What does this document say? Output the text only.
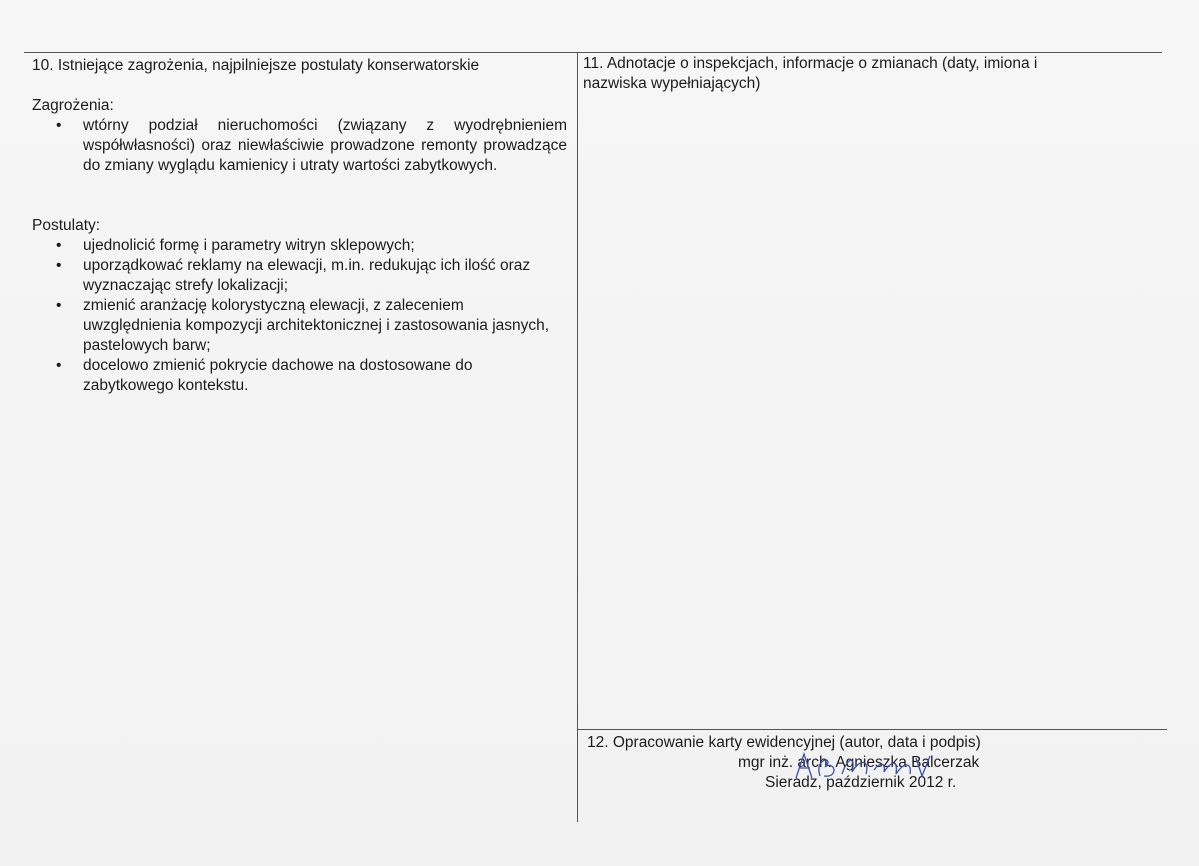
10. Istniejące zagrożenia, najpilniejsze postulaty konserwatorskie
Zagrożenia:
• wtórny podział nieruchomości (związany z wyodrębnieniem współwłasności) oraz niewłaściwie prowadzone remonty prowadzące do zmiany wyglądu kamienicy i utraty wartości zabytkowych.
Postulaty:
• ujednolicić formę i parametry witryn sklepowych;
• uporządkować reklamy na elewacji, m.in. redukując ich ilość oraz wyznaczając strefy lokalizacji;
• zmienić aranżację kolorystyczną elewacji, z zaleceniem uwzględnienia kompozycji architektonicznej i zastosowania jasnych, pastelowych barw;
• docelowo zmienić pokrycie dachowe na dostosowane do zabytkowego kontekstu.
11. Adnotacje o inspekcjach, informacje o zmianach (daty, imiona i
nazwiska wypełniających)
12. Opracowanie karty ewidencyjnej (autor, data i podpis)
mgr inż. arch. Agnieszka Balcerzak
Sieradz, październik 2012 r.
